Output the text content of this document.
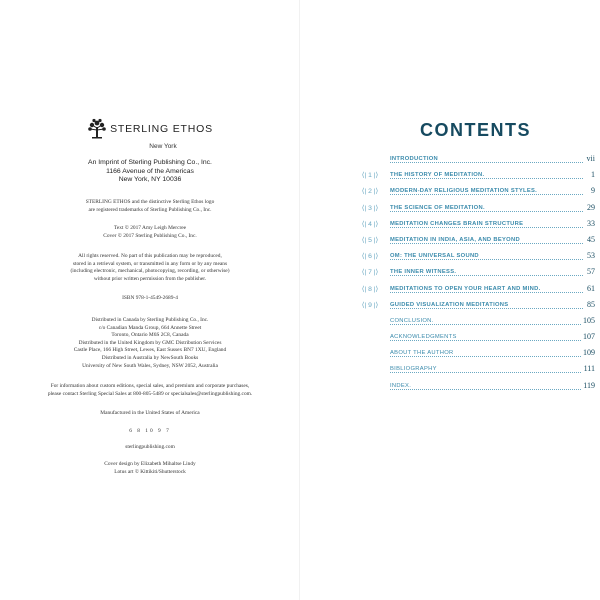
STERLING ETHOS
New York
An Imprint of Sterling Publishing Co., Inc.
1166 Avenue of the Americas
New York, NY 10036
STERLING ETHOS and the distinctive Sterling Ethos logo
are registered trademarks of Sterling Publishing Co., Inc.
Text © 2017 Amy Leigh Mercree
Cover © 2017 Sterling Publishing Co., Inc.
All rights reserved. No part of this publication may be reproduced,
stored in a retrieval system, or transmitted in any form or by any means
(including electronic, mechanical, photocopying, recording, or otherwise)
without prior written permission from the publisher.
ISBN 978-1-4549-2689-4
Distributed in Canada by Sterling Publishing Co., Inc.
c/o Canadian Manda Group, 664 Annette Street
Toronto, Ontario M6S 2C8, Canada
Distributed in the United Kingdom by GMC Distribution Services
Castle Place, 166 High Street, Lewes, East Sussex BN7 1XU, England
Distributed in Australia by NewSouth Books
University of New South Wales, Sydney, NSW 2052, Australia
For information about custom editions, special sales, and premium and corporate purchases,
please contact Sterling Special Sales at 800-805-5489 or specialsales@sterlingpublishing.com.
Manufactured in the United States of America
6 8 10 9 7
sterlingpublishing.com
Cover design by Elizabeth Mihaltse Lindy
Lotus art © Kittikiti/Shutterstock
CONTENTS
INTRODUCTION	vii
⟨| 1 |⟩	THE HISTORY OF MEDITATION.	1
⟨| 2 |⟩	MODERN-DAY RELIGIOUS MEDITATION STYLES.	9
⟨| 3 |⟩	THE SCIENCE OF MEDITATION.	29
⟨| 4 |⟩	MEDITATION CHANGES BRAIN STRUCTURE	33
⟨| 5 |⟩	MEDITATION IN INDIA, ASIA, AND BEYOND	45
⟨| 6 |⟩	OM: THE UNIVERSAL SOUND	53
⟨| 7 |⟩	THE INNER WITNESS.	57
⟨| 8 |⟩	MEDITATIONS TO OPEN YOUR HEART AND MIND.	61
⟨| 9 |⟩	GUIDED VISUALIZATION MEDITATIONS	85
CONCLUSION.	105
ACKNOWLEDGMENTS	107
ABOUT THE AUTHOR	109
BIBLIOGRAPHY	111
INDEX.	119
